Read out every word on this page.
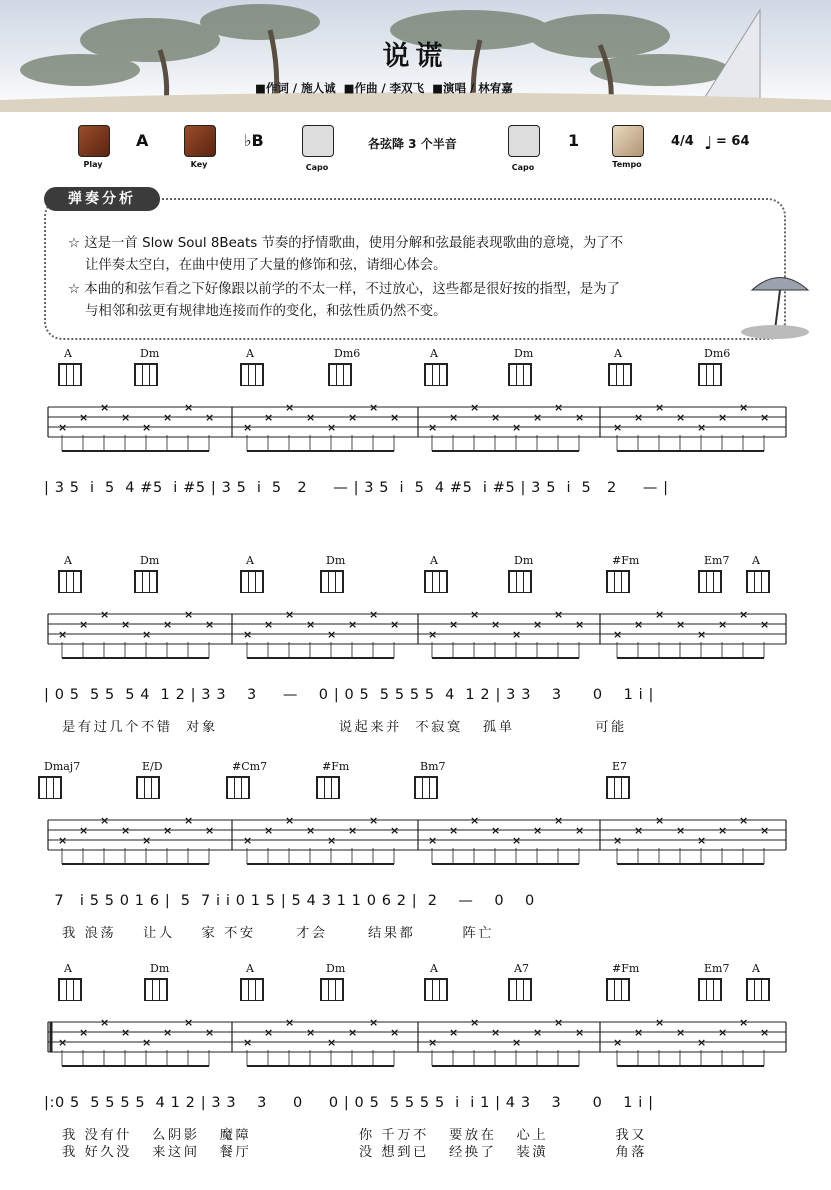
说谎
■作词 / 施人诚  ■作曲 / 李双飞  ■演唱 / 林宥嘉
Play
A
Key
♭B
Capo
各弦降 3 个半音
Capo
1
Tempo
4/4 ♩ = 64
弹奏分析
☆ 这是一首 Slow Soul 8Beats 节奏的抒情歌曲，使用分解和弦最能表现歌曲的意境，为了不
让伴奏太空白，在曲中使用了大量的修饰和弦，请细心体会。
☆ 本曲的和弦乍看之下好像跟以前学的不太一样，不过放心，这些都是很好按的指型，是为了
与相邻和弦更有规律地连接而作的变化，和弦性质仍然不变。
A	Dm	A	Dm6	A	Dm	A	Dm6
×
×
×
×
×
×
×
×
×
×
×
×
×
×
×
×
×
×
×
×
×
×
×
×
×
×
×
×
×
×
×
×
| 3 5  i  5  4 #5  i #5 | 3 5  i  5   2     — | 3 5  i  5  4 #5  i #5 | 3 5  i  5   2     — |
A	Dm	A	Dm	A	Dm	#Fm	Em7 A
×
×
×
×
×
×
×
×
×
×
×
×
×
×
×
×
×
×
×
×
×
×
×
×
×
×
×
×
×
×
×
×
| 0 5  5 5  5 4  1 2 | 3 3    3     —    0 | 0 5  5 5 5 5  4  1 2 | 3 3    3      0    1 i |
是有过几个不错  对象                  说起来并  不寂寞   孤单            可能
Dmaj7	E/D	#Cm7	#Fm	Bm7	E7
×
×
×
×
×
×
×
×
×
×
×
×
×
×
×
×
×
×
×
×
×
×
×
×
×
×
×
×
×
×
×
×
7   i 5 5 0 1 6 |  5  7 i i 0 1 5 | 5 4 3 1 1 0 6 2 |  2    —    0    0
我 浪荡    让人    家 不安      才会      结果都       阵亡
A	Dm	A	Dm	A	A7	#Fm	Em7 A
×
×
×
×
×
×
×
×
×
×
×
×
×
×
×
×
×
×
×
×
×
×
×
×
×
×
×
×
×
×
×
×
|:0 5  5 5 5 5  4 1 2 | 3 3    3     0     0 | 0 5  5 5 5 5  i  i 1 | 4 3    3      0    1 i |
我 没有什   么阴影   魔障                你 千万不   要放在   心上          我又
我 好久没   来这间   餐厅                没 想到已   经换了   装潢          角落
